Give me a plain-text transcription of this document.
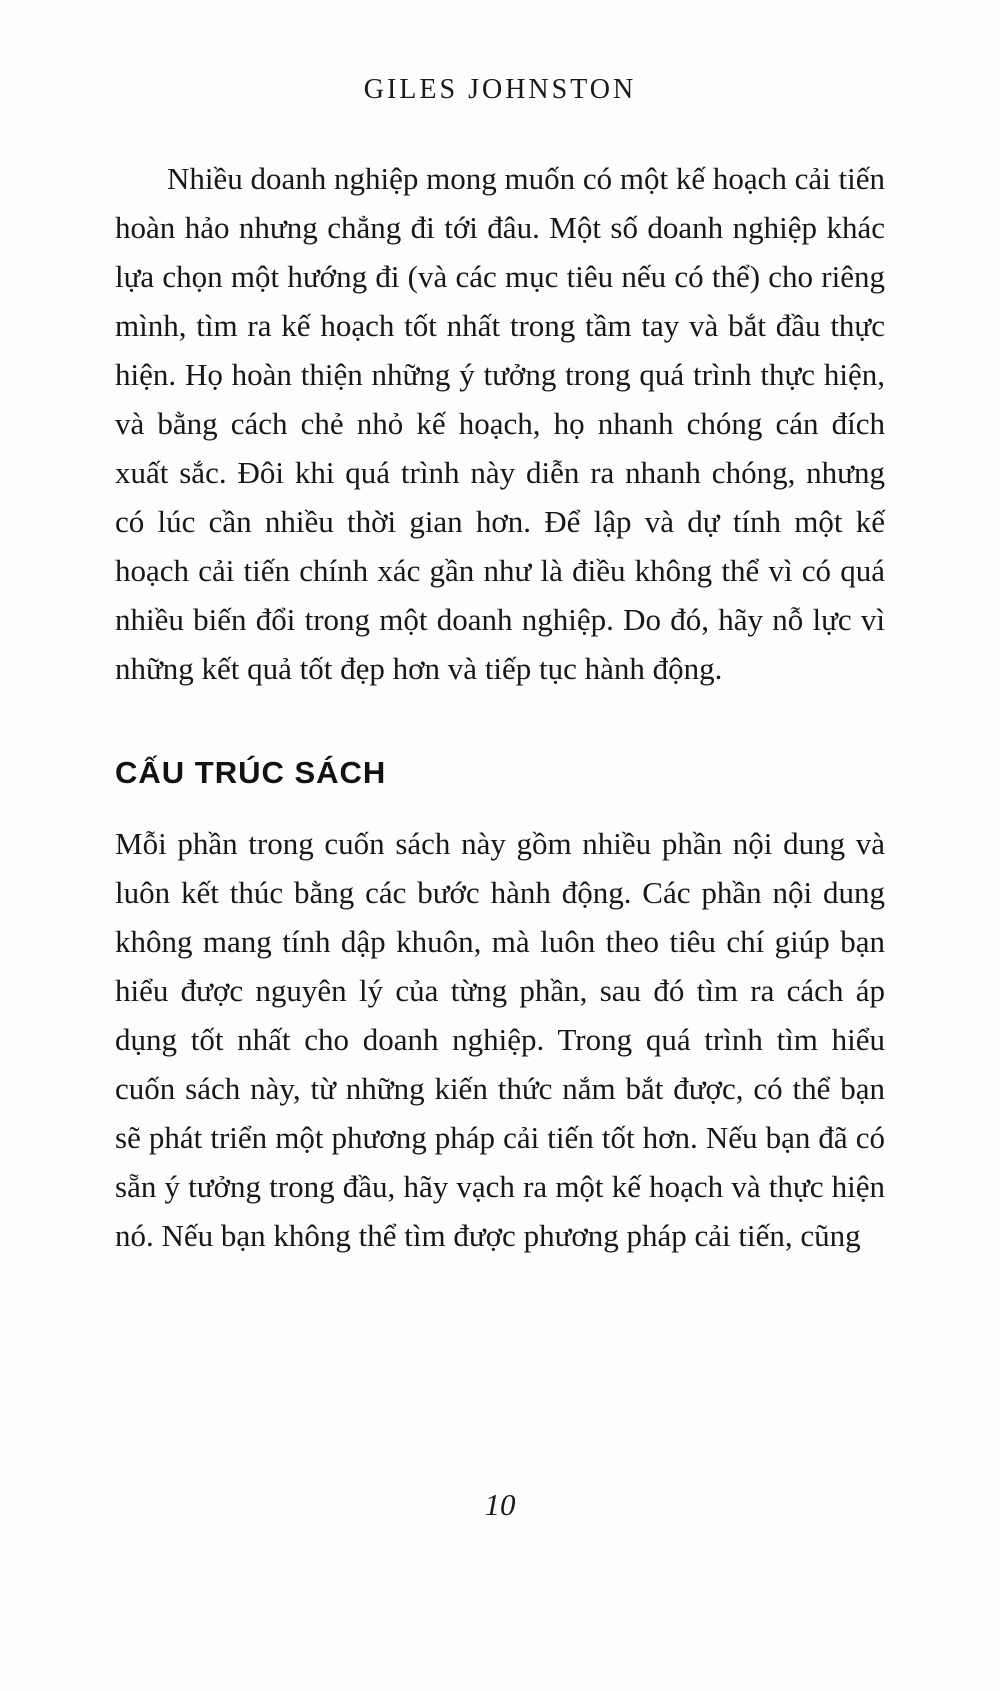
GILES JOHNSTON

Nhiều doanh nghiệp mong muốn có một kế hoạch cải tiến hoàn hảo nhưng chẳng đi tới đâu. Một số doanh nghiệp khác lựa chọn một hướng đi (và các mục tiêu nếu có thể) cho riêng mình, tìm ra kế hoạch tốt nhất trong tầm tay và bắt đầu thực hiện. Họ hoàn thiện những ý tưởng trong quá trình thực hiện, và bằng cách chẻ nhỏ kế hoạch, họ nhanh chóng cán đích xuất sắc. Đôi khi quá trình này diễn ra nhanh chóng, nhưng có lúc cần nhiều thời gian hơn. Để lập và dự tính một kế hoạch cải tiến chính xác gần như là điều không thể vì có quá nhiều biến đổi trong một doanh nghiệp. Do đó, hãy nỗ lực vì những kết quả tốt đẹp hơn và tiếp tục hành động.

CẤU TRÚC SÁCH

Mỗi phần trong cuốn sách này gồm nhiều phần nội dung và luôn kết thúc bằng các bước hành động. Các phần nội dung không mang tính dập khuôn, mà luôn theo tiêu chí giúp bạn hiểu được nguyên lý của từng phần, sau đó tìm ra cách áp dụng tốt nhất cho doanh nghiệp. Trong quá trình tìm hiểu cuốn sách này, từ những kiến thức nắm bắt được, có thể bạn sẽ phát triển một phương pháp cải tiến tốt hơn. Nếu bạn đã có sẵn ý tưởng trong đầu, hãy vạch ra một kế hoạch và thực hiện nó. Nếu bạn không thể tìm được phương pháp cải tiến, cũng

10
